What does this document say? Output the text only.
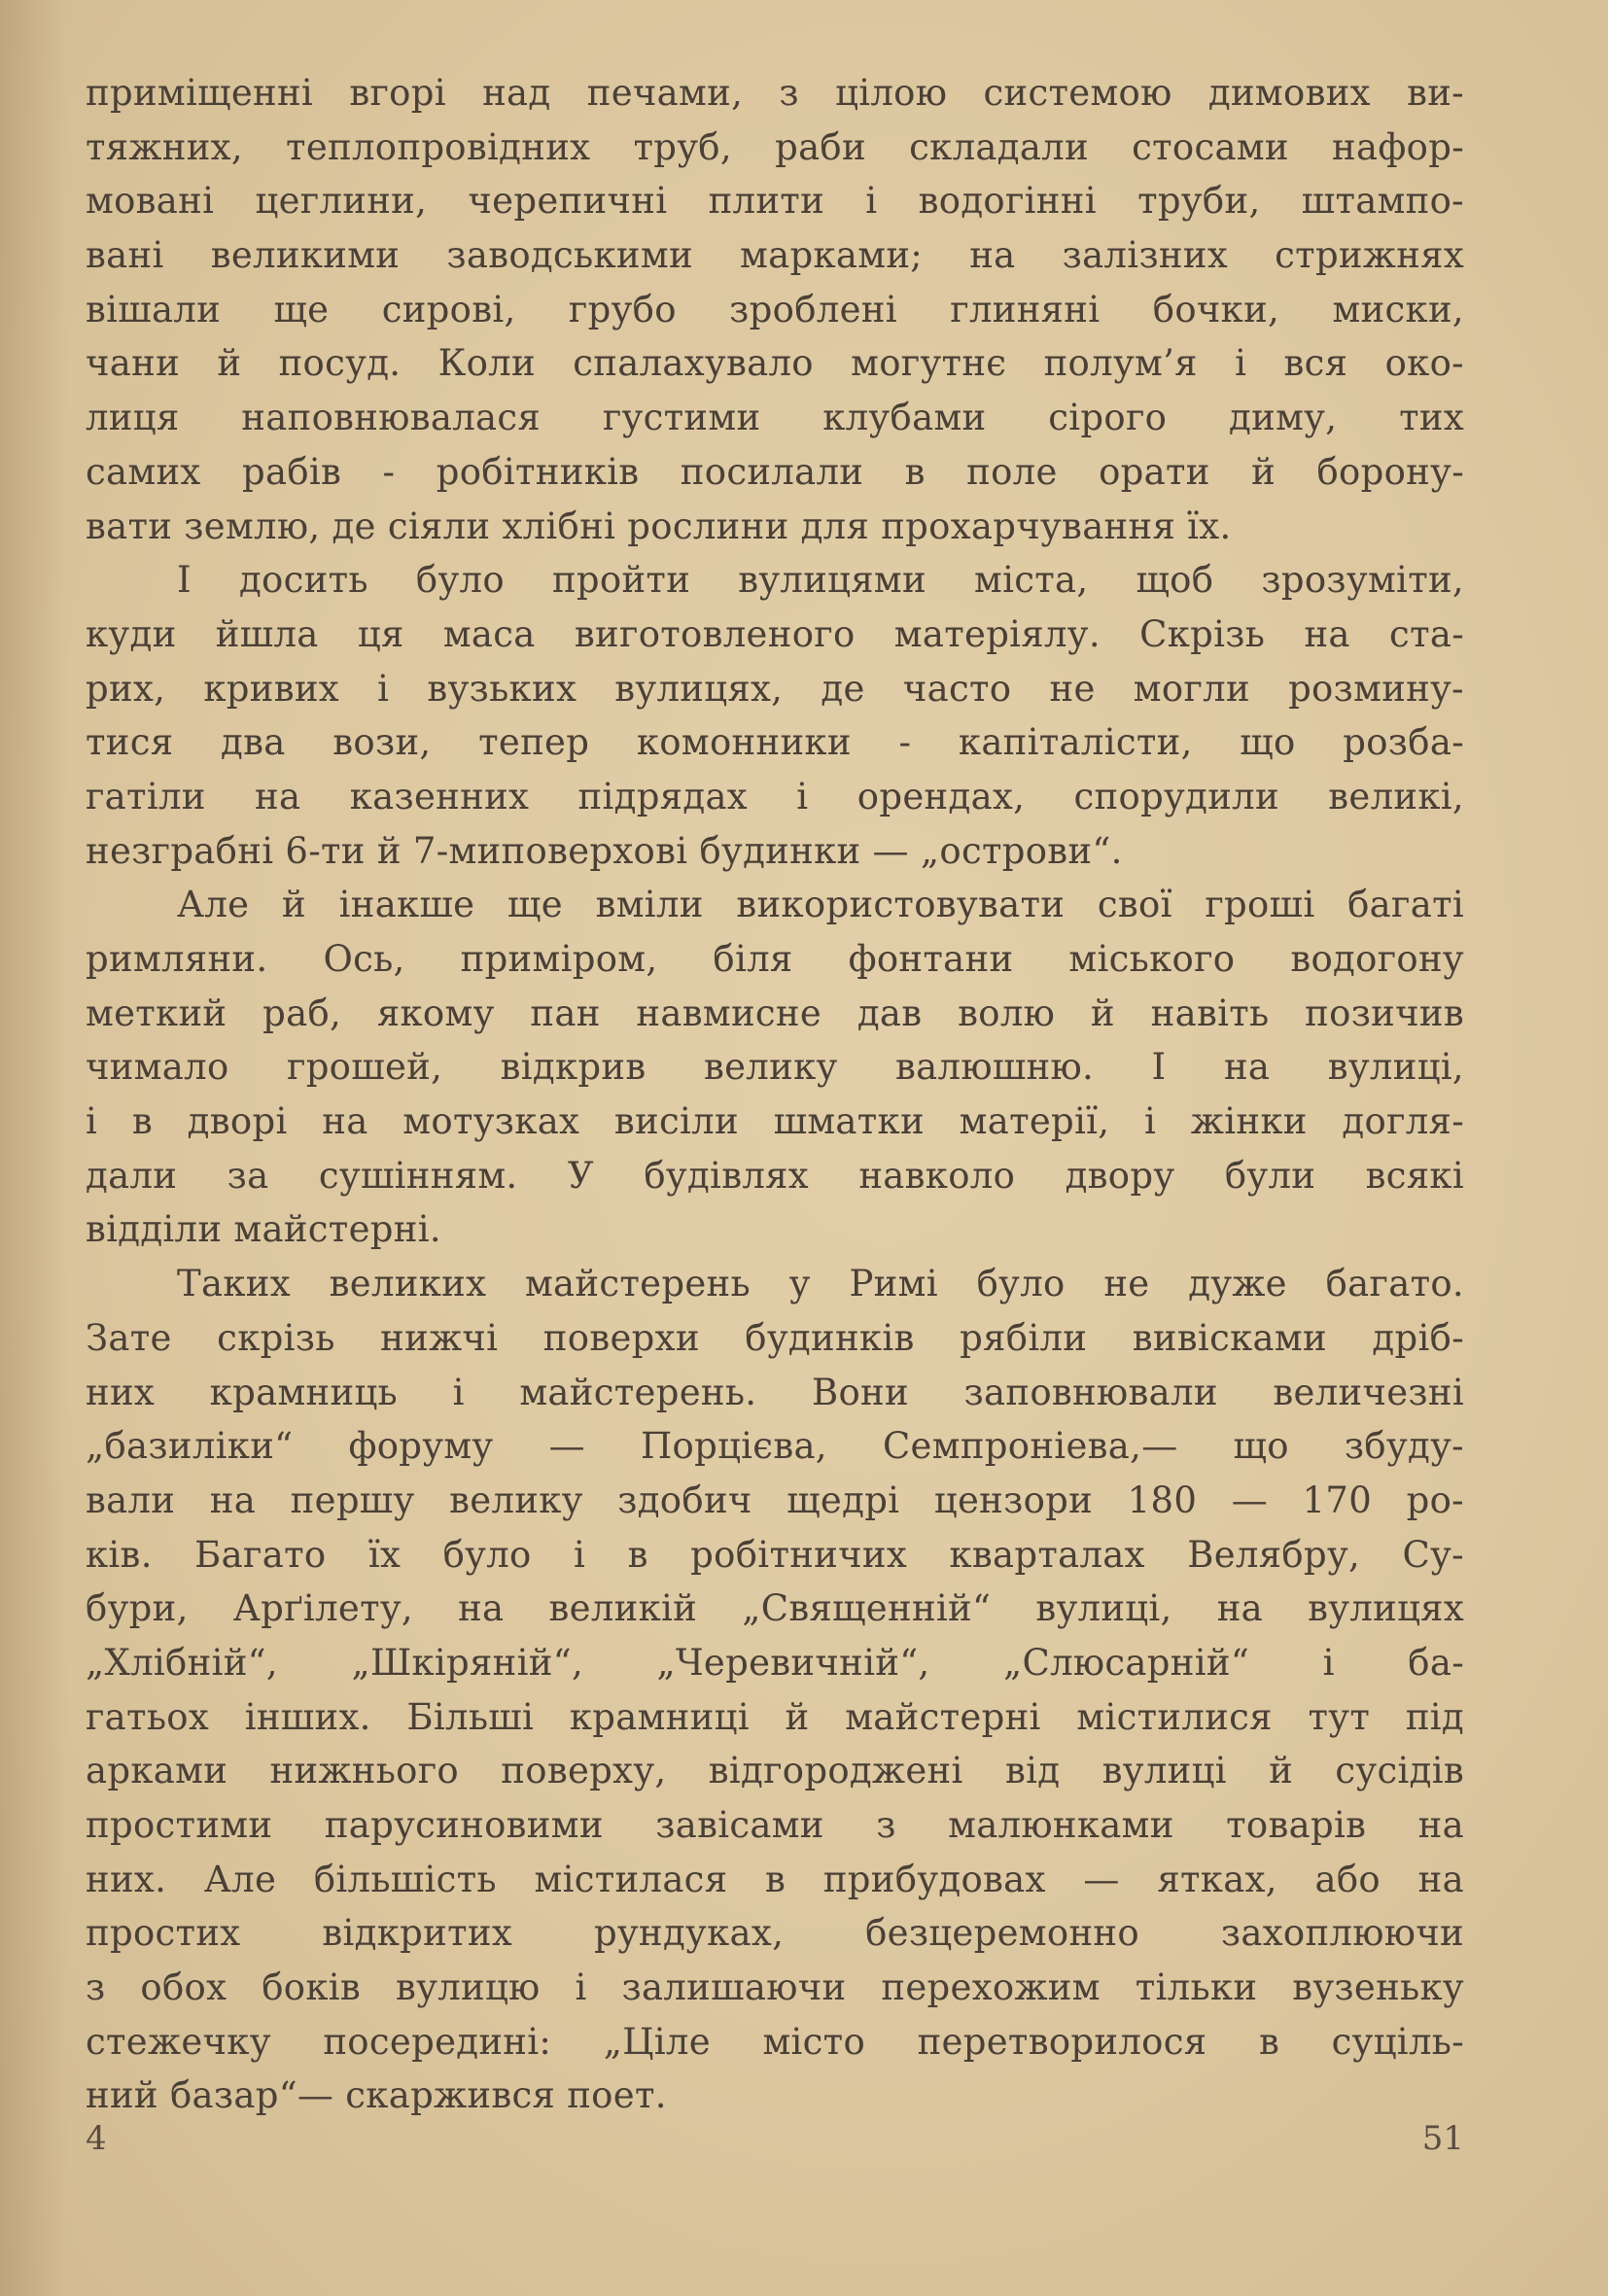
приміщенні вгорі над печами, з цілою системою димових ви-
тяжних, теплопровідних труб, раби складали стосами нафор-
мовані цеглини, черепичні плити і водогінні труби, штампо-
вані великими заводськими марками; на залізних стрижнях
вішали ще сирові, грубо зроблені глиняні бочки, миски,
чани й посуд. Коли спалахувало могутнє полум’я і вся око-
лиця наповнювалася густими клубами сірого диму, тих
самих рабів - робітників посилали в поле орати й борону-
вати землю, де сіяли хлібні рослини для прохарчування їх.
І досить було пройти вулицями міста, щоб зрозуміти,
куди йшла ця маса виготовленого матеріялу. Скрізь на ста-
рих, кривих і вузьких вулицях, де часто не могли розмину-
тися два вози, тепер комонники - капіталісти, що розба-
гатіли на казенних підрядах і орендах, спорудили великі,
незграбні 6-ти й 7-миповерхові будинки — „острови“.
Але й інакше ще вміли використовувати свої гроші багаті
римляни. Ось, приміром, біля фонтани міського водогону
меткий раб, якому пан навмисне дав волю й навіть позичив
чимало грошей, відкрив велику валюшню. І на вулиці,
і в дворі на мотузках висіли шматки матерії, і жінки догля-
дали за сушінням. У будівлях навколо двору були всякі
відділи майстерні.
Таких великих майстерень у Римі було не дуже багато.
Зате скрізь нижчі поверхи будинків рябіли вивісками дріб-
них крамниць і майстерень. Вони заповнювали величезні
„базиліки“ форуму — Порцієва, Семпроніева,— що збуду-
вали на першу велику здобич щедрі цензори 180 — 170 ро-
ків. Багато їх було і в робітничих кварталах Велябру, Су-
бури, Арґілету, на великій „Священній“ вулиці, на вулицях
„Хлібній“, „Шкіряній“, „Черевичній“, „Слюсарній“ і ба-
гатьох інших. Більші крамниці й майстерні містилися тут під
арками нижнього поверху, відгороджені від вулиці й сусідів
простими парусиновими завісами з малюнками товарів на
них. Але більшість містилася в прибудовах — ятках, або на
простих відкритих рундуках, безцеремонно захоплюючи
з обох боків вулицю і залишаючи перехожим тільки вузеньку
стежечку посередині: „Ціле місто перетворилося в суціль-
ний базар“— скаржився поет.
4	51
